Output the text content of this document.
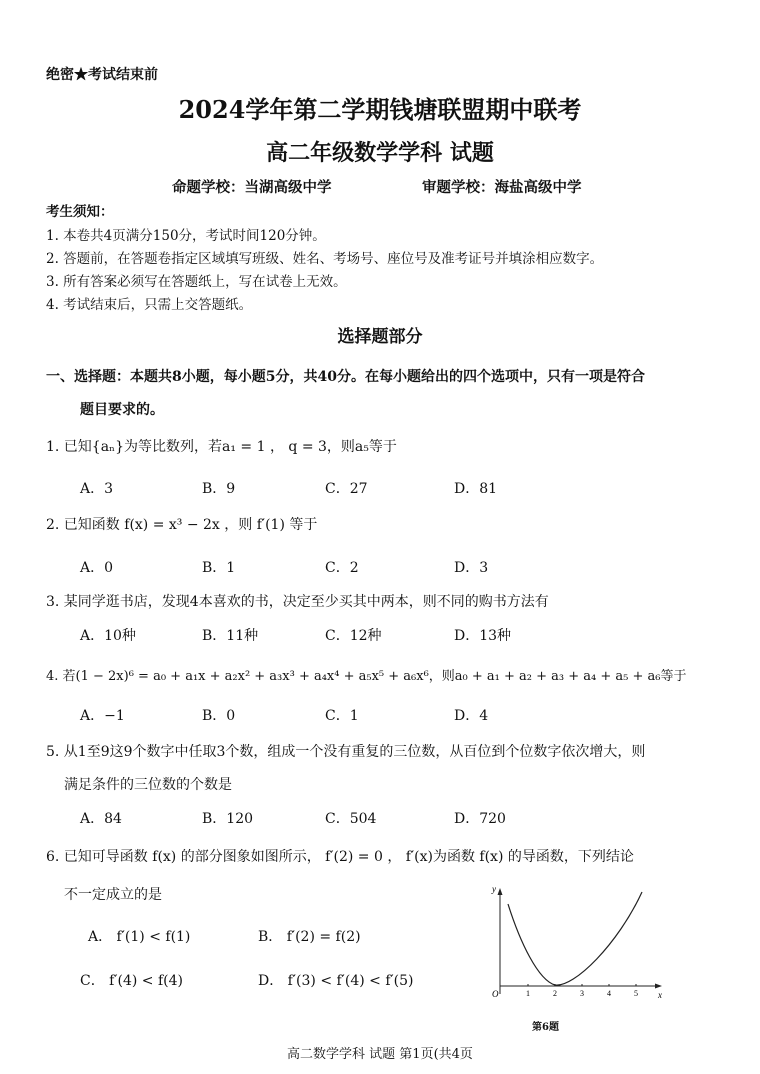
绝密★考试结束前
2024学年第二学期钱塘联盟期中联考
高二年级数学学科 试题
命题学校：当湖高级中学	审题学校：海盐高级中学
考生须知：
1. 本卷共4页满分150分，考试时间120分钟。
2. 答题前，在答题卷指定区域填写班级、姓名、考场号、座位号及准考证号并填涂相应数字。
3. 所有答案必须写在答题纸上，写在试卷上无效。
4. 考试结束后，只需上交答题纸。
选择题部分
一、选择题：本题共8小题，每小题5分，共40分。在每小题给出的四个选项中，只有一项是符合
题目要求的。
1. 已知{aₙ}为等比数列，若a₁ = 1 ， q = 3，则a₅等于
A．3	B．9	C．27	D．81
2. 已知函数 f(x) = x³ − 2x ，则 f′(1) 等于
A．0	B．1	C．2	D．3
3. 某同学逛书店，发现4本喜欢的书，决定至少买其中两本，则不同的购书方法有
A．10种	B．11种	C．12种	D．13种
4. 若(1 − 2x)⁶ = a₀ + a₁x + a₂x² + a₃x³ + a₄x⁴ + a₅x⁵ + a₆x⁶，则a₀ + a₁ + a₂ + a₃ + a₄ + a₅ + a₆等于
A．−1	B．0	C．1	D．4
5. 从1至9这9个数字中任取3个数，组成一个没有重复的三位数，从百位到个位数字依次增大，则
满足条件的三位数的个数是
A．84	B．120	C．504	D．720
6. 已知可导函数 f(x) 的部分图象如图所示， f′(2) = 0 ， f′(x)为函数 f(x) 的导函数，下列结论
不一定成立的是
A． f′(1) < f(1)	B． f′(2) = f(2)
C． f′(4) < f(4)	D． f′(3) < f′(4) < f′(5)
y
x
O	1	2	3	4	5
第6题
高二数学学科 试题 第1页(共4页
